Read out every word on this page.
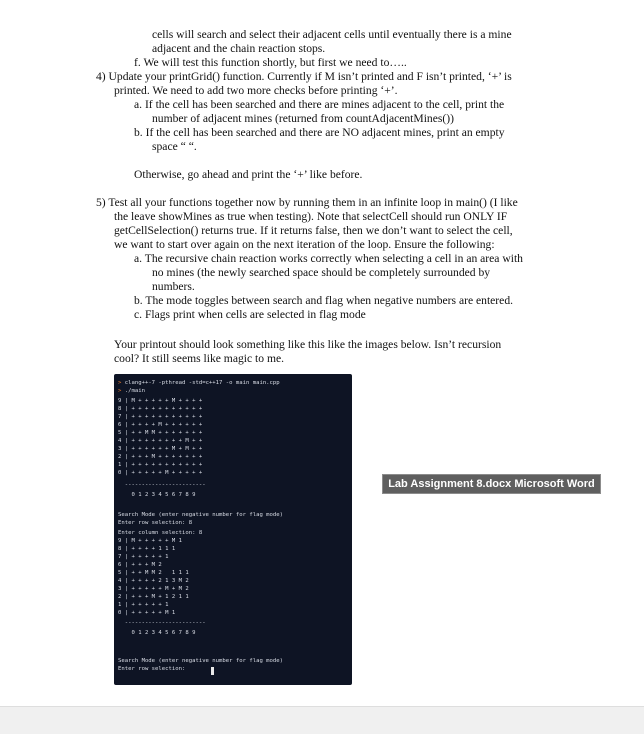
cells will search and select their adjacent cells until eventually there is a mine
adjacent and the chain reaction stops.
f. We will test this function shortly, but first we need to…..
4) Update your printGrid() function. Currently if M isn’t printed and F isn’t printed, ‘+’ is
printed. We need to add two more checks before printing ‘+’.
a. If the cell has been searched and there are mines adjacent to the cell, print the
number of adjacent mines (returned from countAdjacentMines())
b. If the cell has been searched and there are NO adjacent mines, print an empty
space “ “.
Otherwise, go ahead and print the ‘+’ like before.
5) Test all your functions together now by running them in an infinite loop in main() (I like
the leave showMines as true when testing). Note that selectCell should run ONLY IF
getCellSelection() returns true. If it returns false, then we don’t want to select the cell,
we want to start over again on the next iteration of the loop. Ensure the following:
a. The recursive chain reaction works correctly when selecting a cell in an area with
no mines (the newly searched space should be completely surrounded by
numbers.
b. The mode toggles between search and flag when negative numbers are entered.
c. Flags print when cells are selected in flag mode
Your printout should look something like this like the images below. Isn’t recursion
cool? It still seems like magic to me.
> clang++-7 -pthread -std=c++17 -o main main.cpp
> ./main
9 | M + + + + + M + + + +
8 | + + + + + + + + + + +
7 | + + + + + + + + + + +
6 | + + + + M + + + + + +
5 | + + M M + + + + + + +
4 | + + + + + + + + M + +
3 | + + + + + + M + M + +
2 | + + + M + + + + + + +
1 | + + + + + + + + + + +
0 | + + + + + M + + + + +
------------------------
0 1 2 3 4 5 6 7 8 9
Search Mode (enter negative number for flag mode)
Enter row selection: 8
Enter column selection: 8
9 | M + + + + + M 1
8 | + + + + 1 1 1
7 | + + + + + 1
6 | + + + M 2
5 | + + M M 2   1 1 1
4 | + + + + 2 1 3 M 2
3 | + + + + + M + M 2
2 | + + + M + 1 2 1 1
1 | + + + + + 1
0 | + + + + + M 1
------------------------
0 1 2 3 4 5 6 7 8 9
Search Mode (enter negative number for flag mode)
Enter row selection:
Lab Assignment 8.docx Microsoft Word
